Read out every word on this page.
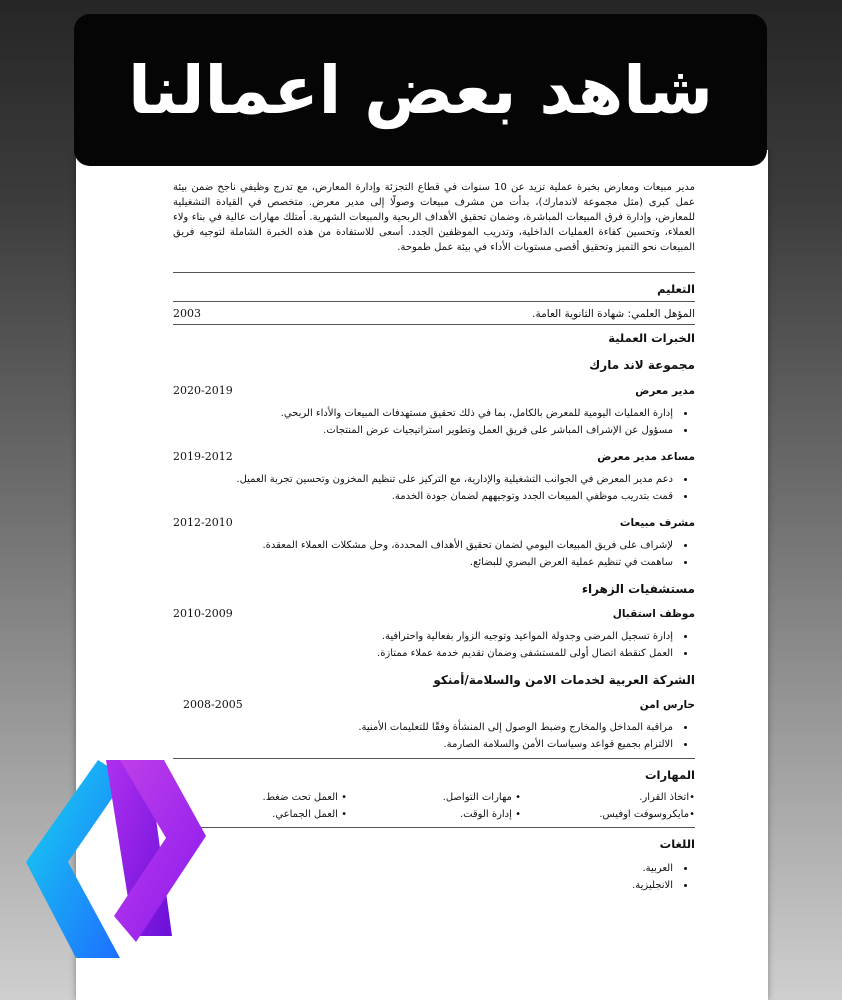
شاهد بعض اعمالنا

مدير مبيعات ومعارض بخبرة عملية تزيد عن 10 سنوات في قطاع التجزئة وإدارة المعارض، مع تدرج وظيفي ناجح ضمن بيئة عمل كبرى (مثل مجموعة لاندمارك)، بدأت من مشرف مبيعات وصولًا إلى مدير معرض. متخصص في القيادة التشغيلية للمعارض، وإدارة فرق المبيعات المباشرة، وضمان تحقيق الأهداف الربحية والمبيعات الشهرية. أمتلك مهارات عالية في بناء ولاء العملاء، وتحسين كفاءة العمليات الداخلية، وتدريب الموظفين الجدد. أسعى للاستفادة من هذه الخبرة الشاملة لتوجيه فريق المبيعات نحو التميز وتحقيق أقصى مستويات الأداء في بيئة عمل طموحة.

التعليم
المؤهل العلمي: شهادة الثانوية العامة.
2003
الخبرات العملية
مجموعة لاند مارك
مدير معرض
2020-2019
• إدارة العمليات اليومية للمعرض بالكامل، بما في ذلك تحقيق مستهدفات المبيعات والأداء الربحي.
• مسؤول عن الإشراف المباشر على فريق العمل وتطوير استراتيجيات عرض المنتجات.
مساعد مدير معرض
2019-2012
• دعم مدير المعرض في الجوانب التشغيلية والإدارية، مع التركيز على تنظيم المخزون وتحسين تجربة العميل.
• قمت بتدريب موظفي المبيعات الجدد وتوجيههم لضمان جودة الخدمة.
مشرف مبيعات
2012-2010
• لإشراف على فريق المبيعات اليومي لضمان تحقيق الأهداف المحددة، وحل مشكلات العملاء المعقدة.
• ساهمت في تنظيم عملية العرض البصري للبضائع.
مستشفيات الزهراء
موظف استقبال
2010-2009
• إدارة تسجيل المرضى وجدولة المواعيد وتوجيه الزوار بفعالية واحترافية.
• العمل كنقطة اتصال أولى للمستشفى وضمان تقديم خدمة عملاء ممتازة.
الشركة العربية لخدمات الامن والسلامة/أمنكو
حارس امن
2008-2005
• مراقبة المداخل والمخارج وضبط الوصول إلى المنشأة وفقًا للتعليمات الأمنية.
• الالتزام بجميع قواعد وسياسات الأمن والسلامة الصارمة.
المهارات
•اتخاذ القرار.
• مهارات التواصل.
• العمل تحت ضغط.
•مايكروسوفت اوفيس.
• إدارة الوقت.
• العمل الجماعي.
اللغات
• العربية.
• الانجليزية.
